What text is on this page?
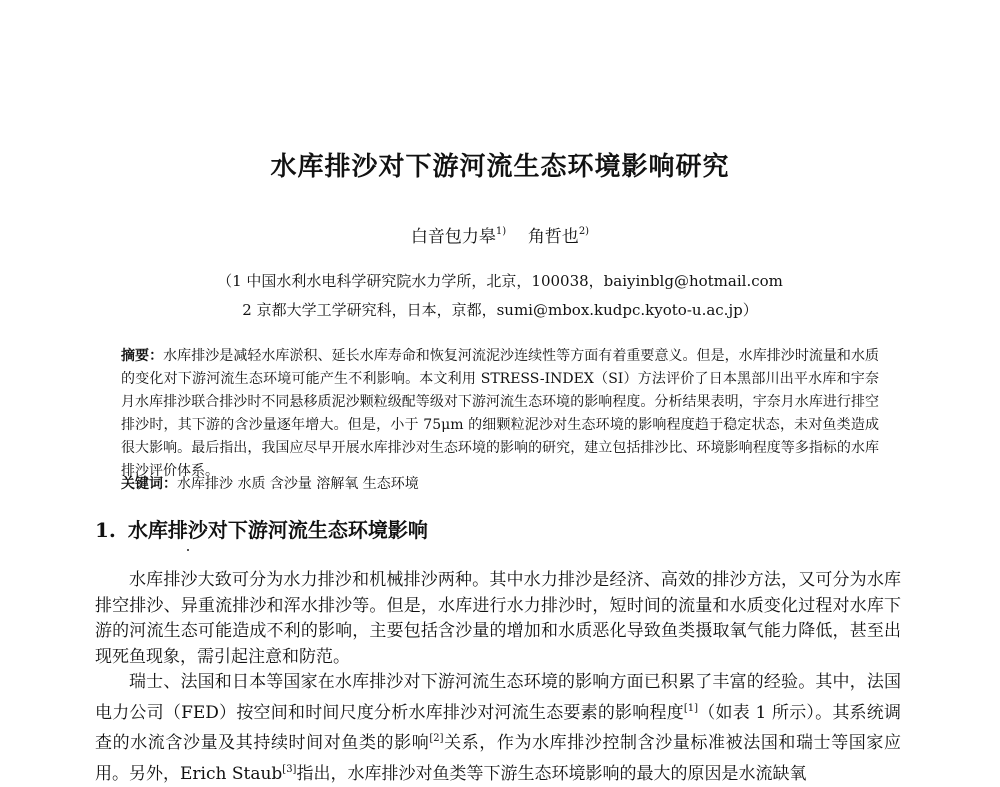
水库排沙对下游河流生态环境影响研究
白音包力皋$^{1)}$ 角哲也$^{2)}$
（1 中国水利水电科学研究院水力学所，北京，100038，baiyinblg@hotmail.com
2 京都大学工学研究科，日本，京都，sumi@mbox.kudpc.kyoto-u.ac.jp）
摘要：水库排沙是减轻水库淤积、延长水库寿命和恢复河流泥沙连续性等方面有着重要意义。但是，水库排沙时流量和水质的变化对下游河流生态环境可能产生不利影响。本文利用 STRESS-INDEX（SI）方法评价了日本黑部川出平水库和宇奈月水库排沙联合排沙时不同悬移质泥沙颗粒级配等级对下游河流生态环境的影响程度。分析结果表明，宇奈月水库进行排空排沙时，其下游的含沙量逐年增大。但是，小于 75μm 的细颗粒泥沙对生态环境的影响程度趋于稳定状态，未对鱼类造成很大影响。最后指出，我国应尽早开展水库排沙对生态环境的影响的研究，建立包括排沙比、环境影响程度等多指标的水库排沙评价体系。
关键词：水库排沙 水质 含沙量 溶解氧 生态环境
1. 水库排沙对下游河流生态环境影响

水库排沙大致可分为水力排沙和机械排沙两种。其中水力排沙是经济、高效的排沙方法，又可分为水库排空排沙、异重流排沙和浑水排沙等。但是，水库进行水力排沙时，短时间的流量和水质变化过程对水库下游的河流生态可能造成不利的影响，主要包括含沙量的增加和水质恶化导致鱼类摄取氧气能力降低，甚至出现死鱼现象，需引起注意和防范。

瑞士、法国和日本等国家在水库排沙对下游河流生态环境的影响方面已积累了丰富的经验。其中，法国电力公司（FED）按空间和时间尺度分析水库排沙对河流生态要素的影响程度[1]（如表 1 所示）。其系统调查的水流含沙量及其持续时间对鱼类的影响[2]关系，作为水库排沙控制含沙量标准被法国和瑞士等国家应用。另外，Erich Staub[3]指出，水库排沙对鱼类等下游生态环境影响的最大的原因是水流缺氧
